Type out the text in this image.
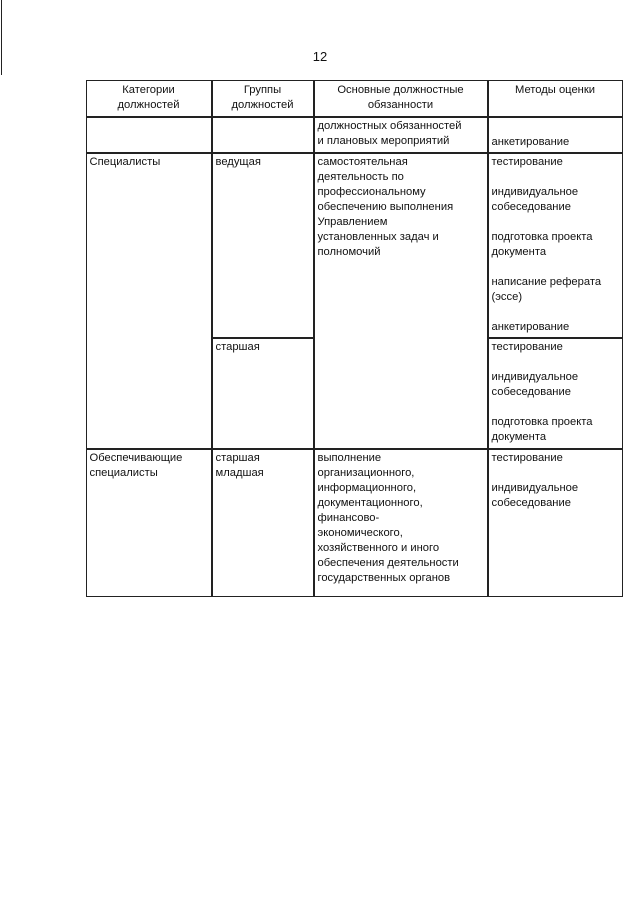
12
Категории
должностей
Группы
должностей
Основные должностные
обязанности
Методы оценки
должностных обязанностей
и плановых мероприятий	анкетирование
Специалисты	ведущая
старшая
самостоятельная
деятельность по
профессиональному
обеспечению выполнения
Управлением
установленных задач и
полномочий
тестирование
индивидуальное
собеседование
подготовка проекта
документа
написание реферата
(эссе)
анкетирование
тестирование
индивидуальное
собеседование
подготовка проекта
документа
Обеспечивающие
специалисты
старшая
младшая
выполнение
организационного,
информационного,
документационного,
финансово-
экономического,
хозяйственного и иного
обеспечения деятельности
государственных органов
тестирование
индивидуальное
собеседование
